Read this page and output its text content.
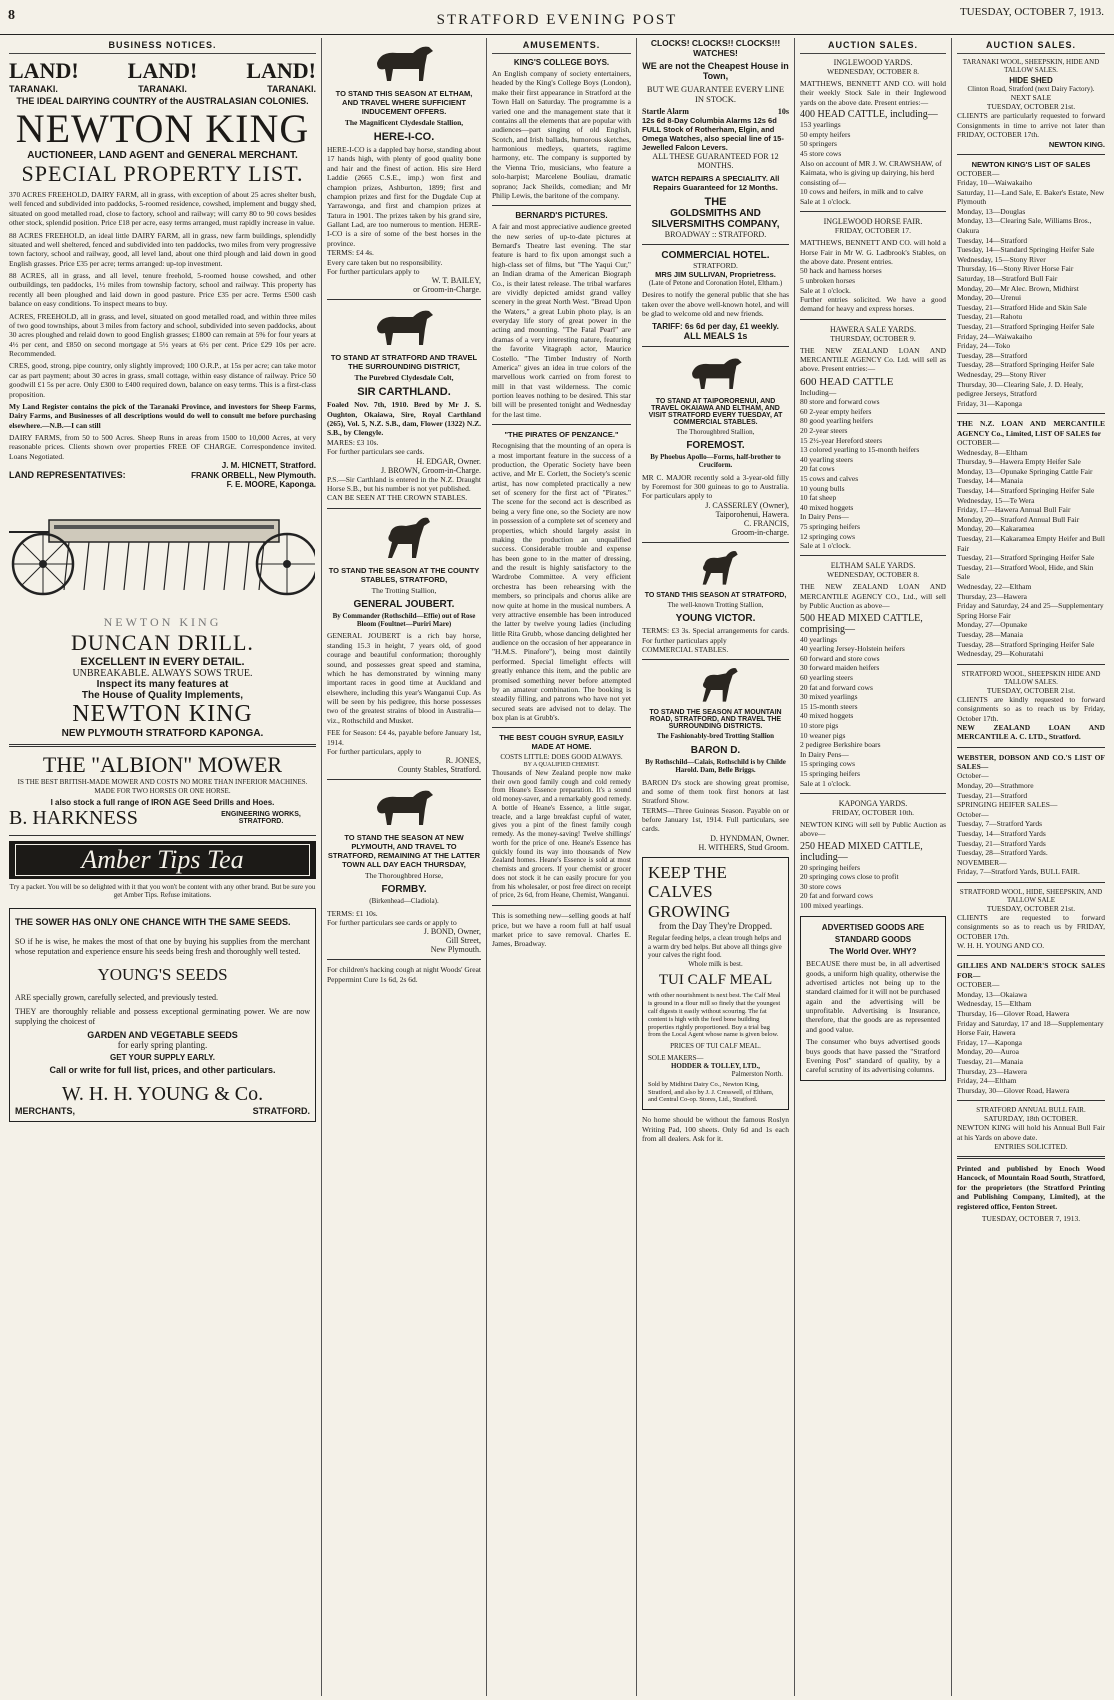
8	STRATFORD EVENING POST	TUESDAY, OCTOBER 7, 1913.
BUSINESS NOTICES.
LAND! LAND! LAND!
TARANAKI.	TARANAKI.	TARANAKI.
THE IDEAL DAIRYING COUNTRY of the AUSTRALASIAN COLONIES.
NEWTON KING
AUCTIONEER, LAND AGENT and GENERAL MERCHANT.
SPECIAL PROPERTY LIST.
370 ACRES FREEHOLD, DAIRY FARM, all in grass, with exception of about 25 acres shelter bush, well fenced and subdivided into paddocks, 5-roomed residence, cowshed, implement and buggy shed, situated on good metalled road, close to factory, school and railway; will carry 80 to 90 cows besides other stock, splendid position. Price £18 per acre, easy terms arranged, must rapidly increase in value.
88 ACRES FREEHOLD, an ideal little DAIRY FARM, all in grass, new farm buildings, splendidly situated and well sheltered, fenced and subdivided into ten paddocks, two miles from very progressive town factory, school and railway, good, all level land, about one third plough and laid down in good English grasses. Price £35 per acre; terms arranged: up-top investment.
88 ACRES, all in grass, and all level, tenure freehold, 5-roomed house cowshed, and other outbuildings, ten paddocks, 1½ miles from township factory, school and railway. This property has recently all been ploughed and laid down in good pasture. Price £35 per acre. Terms £500 cash balance on easy conditions. To inspect means to buy.
ACRES, FREEHOLD, all in grass, and level, situated on good metalled road, and within three miles of two good townships, about 3 miles from factory and school, subdivided into seven paddocks, about 30 acres ploughed and relaid down to good English grasses; £1800 can remain at 5% for four years at 4½ per cent, and £850 on second mortgage at 5½ years at 6½ per cent. Price £29 10s per acre. Recommended.
CRES, good, strong, pipe country, only slightly improved; 100 O.R.P., at 15s per acre; can take motor car as part payment; about 30 acres in grass, small cottage, within easy distance of railway. Price 50 goodwill £1 5s per acre. Only £300 to £400 required down, balance on easy terms. This is a first-class proposition.
My Land Register contains the pick of the Taranaki Province, and investors for Sheep Farms, Dairy Farms, and Businesses of all descriptions would do well to consult me before purchasing elsewhere.—N.B.—I can still
DAIRY FARMS, from 50 to 500 Acres. Sheep Runs in areas from 1500 to 10,000 Acres, at very reasonable prices. Clients shown over properties FREE OF CHARGE. Correspondence invited. Loans Negotiated.
J. M. HICNETT, Stratford.
LAND REPRESENTATIVES:	FRANK ORBELL, New Plymouth.
F. E. MOORE, Kaponga.
NEWTON KING
DUNCAN DRILL.
EXCELLENT IN EVERY DETAIL.
UNBREAKABLE. ALWAYS SOWS TRUE.
Inspect its many features at
The House of Quality Implements,
NEWTON KING
NEW PLYMOUTH STRATFORD KAPONGA.
THE "ALBION" MOWER
IS THE BEST BRITISH-MADE MOWER AND COSTS NO MORE THAN INFERIOR MACHINES. MADE FOR TWO HORSES OR ONE HORSE.
I also stock a full range of IRON AGE Seed Drills and Hoes.
B. HARKNESS	ENGINEERING WORKS, STRATFORD.
Amber Tips Tea
Try a packet. You will be so delighted with it that you won't be content with any other brand. But be sure you get Amber Tips. Refuse imitations.
THE SOWER HAS ONLY ONE CHANCE WITH THE SAME SEEDS.
SO if he is wise, he makes the most of that one by buying his supplies from the merchant whose reputation and experience ensure his seeds being fresh and thoroughly well tested.
YOUNG'S SEEDS
ARE specially grown, carefully selected, and previously tested.
THEY are thoroughly reliable and possess exceptional germinating power. We are now supplying the choicest of
GARDEN AND VEGETABLE SEEDS
for early spring planting.
GET YOUR SUPPLY EARLY.
Call or write for full list, prices, and other particulars.
W. H. H. YOUNG & Co.
MERCHANTS,	STRATFORD.
TO STAND THIS SEASON AT ELTHAM, AND TRAVEL WHERE SUFFICIENT INDUCEMENT OFFERS.
The Magnificent Clydesdale Stallion,
HERE-I-CO.
HERE-I-CO is a dappled bay horse, standing about 17 hands high, with plenty of good quality bone and hair and the finest of action. His sire Herd Laddie (2665 C.S.E., imp.) won first and champion prizes, Ashburton, 1899; first and champion prizes and first for the Dugdale Cup at Yarrawonga, and first and champion prizes at Tatura in 1901. The prizes taken by his grand sire, Gallant Lad, are too numerous to mention. HERE-I-CO is a sire of some of the best horses in the province.
TERMS: £4 4s.
Every care taken but no responsibility.
For further particulars apply to
W. T. BAILEY,
or Groom-in-Charge.
TO STAND AT STRATFORD AND TRAVEL THE SURROUNDING DISTRICT,
The Purebred Clydesdale Colt,
SIR CARTHLAND.
Foaled Nov. 7th, 1910. Bred by Mr J. S. Oughton, Okaiawa, Sire, Royal Carthland (265), Vol. 5, N.Z. S.B., dam, Flower (1322) N.Z. S.B., by Clengyle.
MARES: £3 10s.
For further particulars see cards.
H. EDGAR, Owner.
J. BROWN, Groom-in-Charge.
P.S.—Sir Carthland is entered in the N.Z. Draught Horse S.B., but his number is not yet published.
CAN BE SEEN AT THE CROWN STABLES.
TO STAND THE SEASON AT THE COUNTY STABLES, STRATFORD,
The Trotting Stallion,
GENERAL JOUBERT.
By Commander (Rothschild—Effie) out of Rose Bloom (Foultnet—Puriri Mare)
GENERAL JOUBERT is a rich bay horse, standing 15.3 in height, 7 years old, of good courage and beautiful conformation; thoroughly sound, and possesses great speed and stamina, which he has demonstrated by winning many important races in good time at Auckland and elsewhere, including this year's Wanganui Cup. As will be seen by his pedigree, this horse possesses two of the greatest strains of blood in Australia—viz., Rothschild and Musket.
FEE for Season: £4 4s, payable before January 1st, 1914.
For further particulars, apply to
R. JONES,
County Stables, Stratford.
TO STAND THE SEASON AT NEW PLYMOUTH, AND TRAVEL TO STRATFORD, REMAINING AT THE LATTER TOWN ALL DAY EACH THURSDAY,
The Thoroughbred Horse,
FORMBY.
(Birkenhead—Cladiola).
TERMS: £1 10s.
For further particulars see cards or apply to
J. BOND, Owner,
Gill Street,
New Plymouth.
For children's hacking cough at night Woods' Great Peppermint Cure 1s 6d, 2s 6d.
AMUSEMENTS.
KING'S COLLEGE BOYS.
An English company of society entertainers, headed by the King's College Boys (London), make their first appearance in Stratford at the Town Hall on Saturday. The programme is a varied one and the management state that it contains all the elements that are popular with audiences—part singing of old English, Scotch, and Irish ballads, humorous sketches, harmonious medleys, quartets, ragtime harmony, etc. The company is supported by the Vienna Trio, musicians, who feature a solo-harpist; Marcelene Bouliau, dramatic soprano; Jack Sheilds, comedian; and Mr Philip Lewis, the baritone of the company.
BERNARD'S PICTURES.
A fair and most appreciative audience greeted the new series of up-to-date pictures at Bernard's Theatre last evening. The star feature is hard to fix upon amongst such a high-class set of films, but "The Yaqui Cur," an Indian drama of the American Biograph Co., is their latest release. The tribal warfares are vividly depicted amidst grand valley scenery in the great North West. "Bread Upon the Waters," a great Lubin photo play, is an everyday life story of great power in the acting and mounting. "The Fatal Pearl" are dramas of a very interesting nature, featuring the favorite Vitagraph actor, Maurice Costello. "The Timber Industry of North America" gives an idea in true colors of the marvellous work carried on from forest to mill in that vast wilderness. The comic portion leaves nothing to be desired. This star bill will be presented tonight and Wednesday for the last time.
"THE PIRATES OF PENZANCE."
Recognising that the mounting of an opera is a most important feature in the success of a production, the Operatic Society have been active, and Mr E. Corlett, the Society's scenic artist, has now completed practically a new set of scenery for the first act of "Pirates." The scene for the second act is described as being a very fine one, so the Society are now in possession of a complete set of scenery and properties, which should largely assist in making the production an unqualified success. Considerable trouble and expense has been gone to in the matter of dressing, and the result is highly satisfactory to the Wardrobe Committee. A very efficient orchestra has been rehearsing with the members, so principals and chorus alike are now quite at home in the musical numbers. A very attractive ensemble has been introduced the latter by twelve young ladies (including little Rita Grubb, whose dancing delighted her audience on the occasion of her appearance in "H.M.S. Pinafore"), being most daintily performed. Special limelight effects will greatly enhance this item, and the public are promised something never before attempted by an amateur combination. The booking is steadily filling, and patrons who have not yet secured seats are advised not to delay. The box plan is at Grubb's.
THE BEST COUGH SYRUP, EASILY MADE AT HOME.
COSTS LITTLE: DOES GOOD ALWAYS.
BY A QUALIFIED CHEMIST.
Thousands of New Zealand people now make their own good family cough and cold remedy from Heane's Essence preparation. It's a sound old money-saver, and a remarkably good remedy. A bottle of Heane's Essence, a little sugar, treacle, and a large breakfast cupful of water, gives you a pint of the finest family cough remedy. As the money-saving! Twelve shillings' worth for the price of one. Heane's Essence has quickly found its way into thousands of New Zealand homes. Heane's Essence is sold at most chemists and grocers. If your chemist or grocer does not stock it he can easily procure for you from his wholesaler, or post free direct on receipt of price, 2s 6d, from Heane, Chemist, Wanganui.
This is something new—selling goods at half price, but we have a room full at half usual market price to save removal. Charles E. James, Broadway.
CLOCKS! CLOCKS!! CLOCKS!!! WATCHES!
WE are not the Cheapest House in Town,
BUT WE GUARANTEE EVERY LINE IN STOCK.
Startle Alarm	10s
12s 6d 8-Day Columbia Alarms 12s 6d
FULL Stock of Rotherham, Elgin, and Omega Watches, also special line of 15-Jewelled Falcon Levers.
ALL THESE GUARANTEED FOR 12 MONTHS.
WATCH REPAIRS A SPECIALITY. All Repairs Guaranteed for 12 Months.
THE
GOLDSMITHS AND SILVERSMITHS COMPANY,
BROADWAY :: STRATFORD.
COMMERCIAL HOTEL.
STRATFORD.
MRS JIM SULLIVAN, Proprietress.
(Late of Petone and Coronation Hotel, Eltham.)
Desires to notify the general public that she has taken over the above well-known hotel, and will be glad to welcome old and new friends.
TARIFF: 6s 6d per day, £1 weekly.
ALL MEALS 1s
TO STAND AT TAIPORORENUI, AND TRAVEL OKAIAWA AND ELTHAM, AND VISIT STRATFORD EVERY TUESDAY, AT COMMERCIAL STABLES.
The Thoroughbred Stallion,
FOREMOST.
By Phoebus Apollo—Forms, half-brother to Cruciform.
MR C. MAJOR recently sold a 3-year-old filly by Foremost for 300 guineas to go to Australia. For particulars apply to
J. CASSERLEY (Owner),
Taiporohenui, Hawera.
C. FRANCIS,
Groom-in-charge.
TO STAND THIS SEASON AT STRATFORD,
The well-known Trotting Stallion,
YOUNG VICTOR.
TERMS: £3 3s. Special arrangements for cards. For further particulars apply
COMMERCIAL STABLES.
TO STAND THE SEASON AT MOUNTAIN ROAD, STRATFORD, AND TRAVEL THE SURROUNDING DISTRICTS.
The Fashionably-bred Trotting Stallion
BARON D.
By Rothschild—Calais, Rothschild is by Childe Harold. Dam, Belle Briggs.
BARON D's stock are showing great promise, and some of them took first honors at last Stratford Show.
TERMS—Three Guineas Season. Payable on or before January 1st, 1914. Full particulars, see cards.
D. HYNDMAN, Owner.
H. WITHERS, Stud Groom.
KEEP THE CALVES GROWING
from the Day They're Dropped.
Regular feeding helps, a clean trough helps and a warm dry bed helps. But above all things give your calves the right food.
Whole milk is best.
TUI CALF MEAL
with other nourishment is next best. The Calf Meal is ground in a flour mill so finely that the youngest calf digests it easily without scouring. The fat content is high with the feed bone building properties rightly proportioned. Buy a trial bag from the Local Agent whose name is given below.
PRICES OF TUI CALF MEAL.
SOLE MAKERS—
HODDER & TOLLEY, LTD.,
Palmerston North.
Sold by Midhirst Dairy Co., Newton King, Stratford, and also by J. J. Cresswell, of Eltham, and Central Co-op. Stores, Ltd., Stratford.
No home should be without the famous Roslyn Writing Pad, 100 sheets. Only 6d and 1s each from all dealers. Ask for it.
AUCTION SALES.
INGLEWOOD YARDS.
WEDNESDAY, OCTOBER 8.
MATTHEWS, BENNETT AND CO. will hold their weekly Stock Sale in their Inglewood yards on the above date. Present entries:—
400 HEAD CATTLE, including—
153 yearlings
50 empty heifers
50 springers
45 store cows
Also on account of MR J. W. CRAWSHAW, of Kaimata, who is giving up dairying, his herd consisting of—
10 cows and heifers, in milk and to calve
Sale at 1 o'clock.
INGLEWOOD HORSE FAIR.
FRIDAY, OCTOBER 17.
MATTHEWS, BENNETT AND CO. will hold a Horse Fair in Mr W. G. Ladbrook's Stables, on the above date. Present entries.
50 hack and harness horses
5 unbroken horses
Sale at 1 o'clock.
Further entries solicited. We have a good demand for heavy and express horses.
HAWERA SALE YARDS.
THURSDAY, OCTOBER 9.
THE NEW ZEALAND LOAN AND MERCANTILE AGENCY Co. Ltd. will sell as above. Present entries:—
600 HEAD CATTLE
Including—
80 store and forward cows
60 2-year empty heifers
80 good yearling heifers
20 2-year steers
15 2½-year Hereford steers
13 colored yearling to 15-month heifers
40 yearling steers
20 fat cows
15 cows and calves
10 young bulls
10 fat sheep
40 mixed hoggets
In Dairy Pens—
75 springing heifers
12 springing cows
Sale at 1 o'clock.
ELTHAM SALE YARDS.
WEDNESDAY, OCTOBER 8.
THE NEW ZEALAND LOAN AND MERCANTILE AGENCY CO., Ltd., will sell by Public Auction as above—
500 HEAD MIXED CATTLE, comprising—
40 yearlings
40 yearling Jersey-Holstein heifers
60 forward and store cows
30 forward maiden heifers
60 yearling steers
20 fat and forward cows
30 mixed yearlings
15 15-month steers
40 mixed hoggets
10 store pigs
10 weaner pigs
2 pedigree Berkshire boars
In Dairy Pens—
15 springing cows
15 springing heifers
Sale at 1 o'clock.
KAPONGA YARDS.
FRIDAY, OCTOBER 10th.
NEWTON KING will sell by Public Auction as above—
250 HEAD MIXED CATTLE, including—
20 springing heifers
20 springing cows close to profit
30 store cows
20 fat and forward cows
100 mixed yearlings.
ADVERTISED GOODS ARE STANDARD GOODS
The World Over. WHY?
BECAUSE there must be, in all advertised goods, a uniform high quality, otherwise the advertised articles not being up to the standard claimed for it will not be purchased again and the advertising will be unprofitable. Advertising is Insurance, therefore, that the goods are as represented and good value.
The consumer who buys advertised goods buys goods that have passed the "Stratford Evening Post" standard of quality, by a careful scrutiny of its advertising columns.
AUCTION SALES.
TARANAKI WOOL, SHEEPSKIN, HIDE AND TALLOW SALES.
HIDE SHED
Clinton Road, Stratford (next Dairy Factory).
NEXT SALE
TUESDAY, OCTOBER 21st.
CLIENTS are particularly requested to forward Consignments in time to arrive not later than FRIDAY, OCTOBER 17th.
NEWTON KING.
NEWTON KING'S LIST OF SALES
OCTOBER—
Friday, 10—Waiwakaiho
Saturday, 11—Land Sale, E. Baker's Estate, New Plymouth
Monday, 13—Douglas
Monday, 13—Clearing Sale, Williams Bros., Oakura
Tuesday, 14—Stratford
Tuesday, 14—Standard Springing Heifer Sale
Wednesday, 15—Stony River
Thursday, 16—Stony River Horse Fair
Saturday, 18—Stratford Bull Fair
Monday, 20—Mr Alec. Brown, Midhirst
Monday, 20—Urenui
Tuesday, 21—Stratford Hide and Skin Sale
Tuesday, 21—Rahotu
Tuesday, 21—Stratford Springing Heifer Sale
Friday, 24—Waiwakaiho
Friday, 24—Toko
Tuesday, 28—Stratford
Tuesday, 28—Stratford Springing Heifer Sale
Wednesday, 29—Stony River
Thursday, 30—Clearing Sale, J. D. Healy, pedigree Jerseys, Stratford
Friday, 31—Kaponga
THE N.Z. LOAN AND MERCANTILE AGENCY Co., Limited, LIST OF SALES for
OCTOBER—
Wednesday, 8—Eltham
Thursday, 9—Hawera Empty Heifer Sale
Monday, 13—Opunake Springing Cattle Fair
Tuesday, 14—Manaia
Tuesday, 14—Stratford Springing Heifer Sale
Wednesday, 15—Te Wera
Friday, 17—Hawera Annual Bull Fair
Monday, 20—Stratford Annual Bull Fair
Monday, 20—Kakaramea
Tuesday, 21—Kakaramea Empty Heifer and Bull Fair
Tuesday, 21—Stratford Springing Heifer Sale
Tuesday, 21—Stratford Wool, Hide, and Skin Sale
Wednesday, 22—Eltham
Thursday, 23—Hawera
Friday and Saturday, 24 and 25—Supplementary Spring Horse Fair
Monday, 27—Opunake
Tuesday, 28—Manaia
Tuesday, 28—Stratford Springing Heifer Sale
Wednesday, 29—Kohuratahi
STRATFORD WOOL, SHEEPSKIN HIDE AND TALLOW SALES.
TUESDAY, OCTOBER 21st.
CLIENTS are kindly requested to forward consignments so as to reach us by Friday, October 17th.
NEW ZEALAND LOAN AND MERCANTILE A. C. LTD., Stratford.
WEBSTER, DOBSON AND CO.'S LIST OF SALES—
October—
Monday, 20—Strathmore
Tuesday, 21—Stratford
SPRINGING HEIFER SALES—
October—
Tuesday, 7—Stratford Yards
Tuesday, 14—Stratford Yards
Tuesday, 21—Stratford Yards
Tuesday, 28—Stratford Yards.
NOVEMBER—
Friday, 7—Stratford Yards, BULL FAIR.
STRATFORD WOOL, HIDE, SHEEPSKIN, AND TALLOW SALE
TUESDAY, OCTOBER 21st.
CLIENTS are requested to forward consignments so as to reach us by FRIDAY, OCTOBER 17th.
W. H. H. YOUNG AND CO.
GILLIES AND NALDER'S STOCK SALES FOR—
OCTOBER—
Monday, 13—Okaiawa
Wednesday, 15—Eltham
Thursday, 16—Glover Road, Hawera
Friday and Saturday, 17 and 18—Supplementary Horse Fair, Hawera
Friday, 17—Kaponga
Monday, 20—Auroa
Tuesday, 21—Manaia
Thursday, 23—Hawera
Friday, 24—Eltham
Thursday, 30—Glover Road, Hawera
STRATFORD ANNUAL BULL FAIR.
SATURDAY, 18th OCTOBER.
NEWTON KING will hold his Annual Bull Fair at his Yards on above date.
ENTRIES SOLICITED.
Printed and published by Enoch Wood Hancock, of Mountain Road South, Stratford, for the proprietors (the Stratford Printing and Publishing Company, Limited), at the registered office, Fenton Street.
TUESDAY, OCTOBER 7, 1913.
